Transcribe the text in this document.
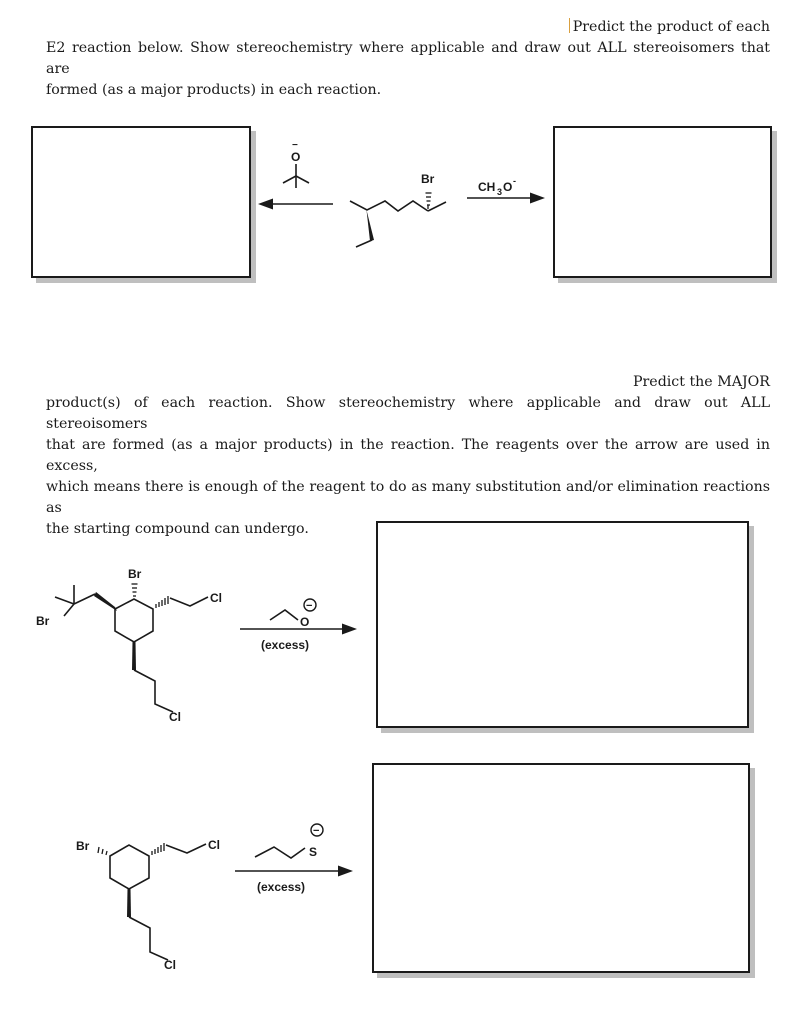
Predict the product of each
E2 reaction below. Show stereochemistry where applicable and draw out ALL stereoisomers that are
formed (as a major products) in each reaction.
Predict the MAJOR
product(s) of each reaction. Show stereochemistry where applicable and draw out ALL stereoisomers
that are formed (as a major products) in the reaction. The reagents over the arrow are used in excess,
which means there is enough of the reagent to do as many substitution and/or elimination reactions as
the starting compound can undergo.
O
−
Br
CH 3 O -
Br
Br
Cl
Cl
O
−
(excess)
Br	Cl
Cl
S
−
(excess)
